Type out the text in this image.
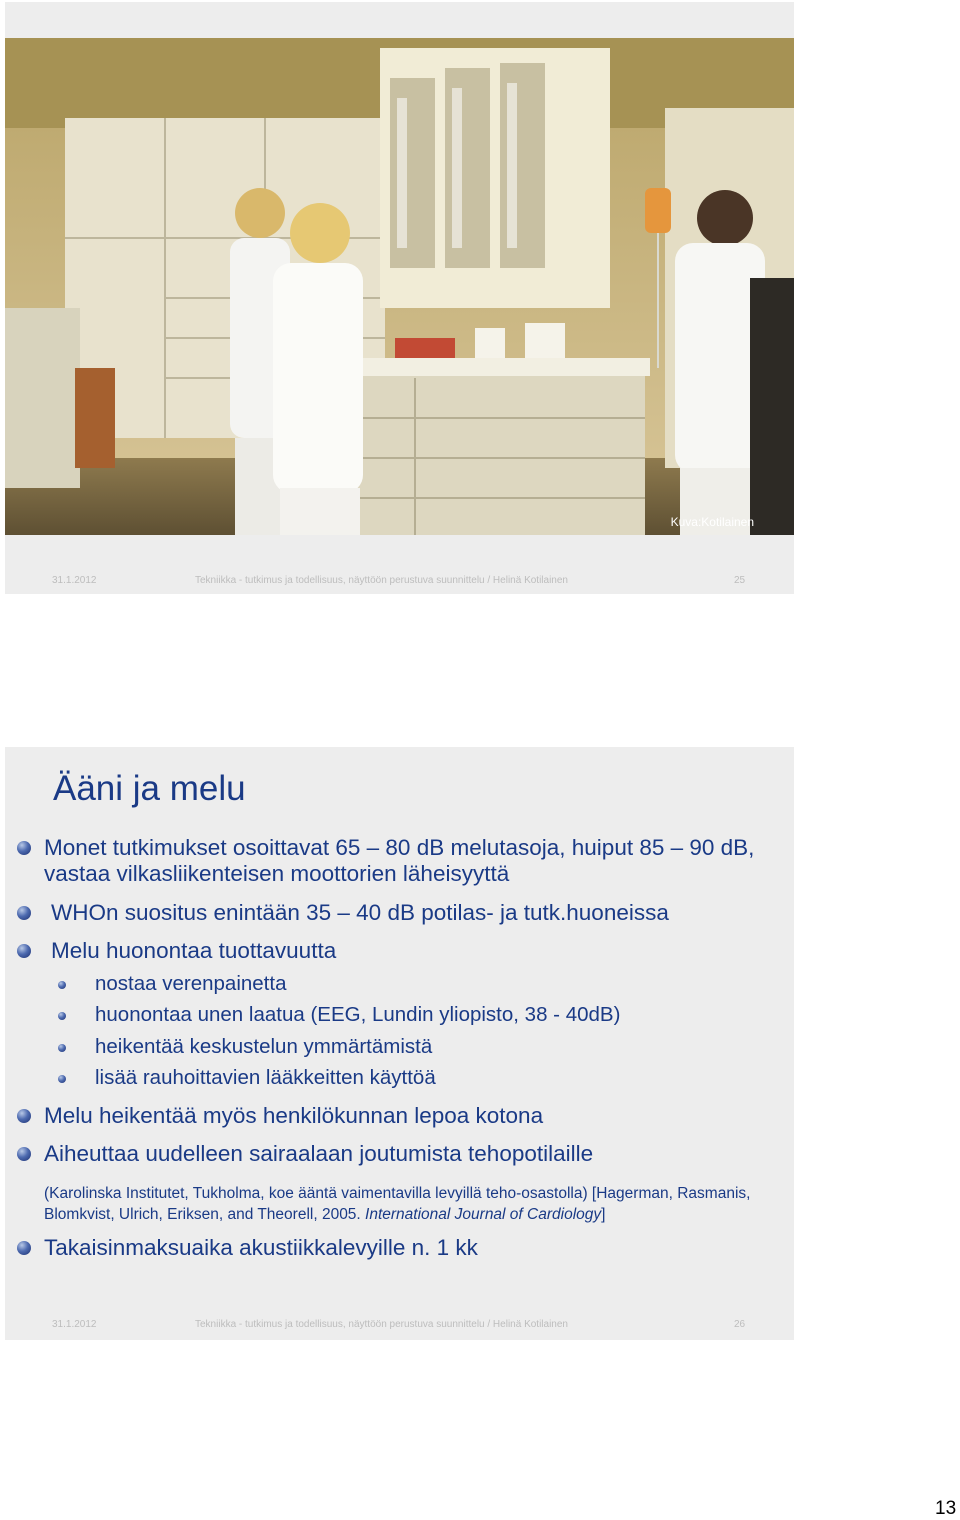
Kuva:Kotilainen
31.1.2012	Tekniikka - tutkimus ja todellisuus, näyttöön perustuva suunnittelu / Helinä Kotilainen	25
Ääni ja melu
Monet tutkimukset osoittavat 65 – 80 dB melutasoja, huiput 85 – 90 dB, vastaa vilkasliikenteisen moottorien läheisyyttä
WHOn suositus enintään 35 – 40 dB potilas- ja tutk.huoneissa
Melu huonontaa tuottavuutta
nostaa verenpainetta
huonontaa unen laatua (EEG, Lundin yliopisto, 38 - 40dB)
heikentää keskustelun ymmärtämistä
lisää rauhoittavien lääkkeitten käyttöä
Melu heikentää myös henkilökunnan lepoa kotona
Aiheuttaa uudelleen sairaalaan joutumista tehopotilaille
(Karolinska Institutet, Tukholma, koe ääntä vaimentavilla levyillä teho-osastolla) [Hagerman, Rasmanis, Blomkvist, Ulrich, Eriksen, and Theorell, 2005. International Journal of Cardiology]
Takaisinmaksuaika akustiikkalevyille n. 1 kk
31.1.2012	Tekniikka - tutkimus ja todellisuus, näyttöön perustuva suunnittelu / Helinä Kotilainen	26
13
